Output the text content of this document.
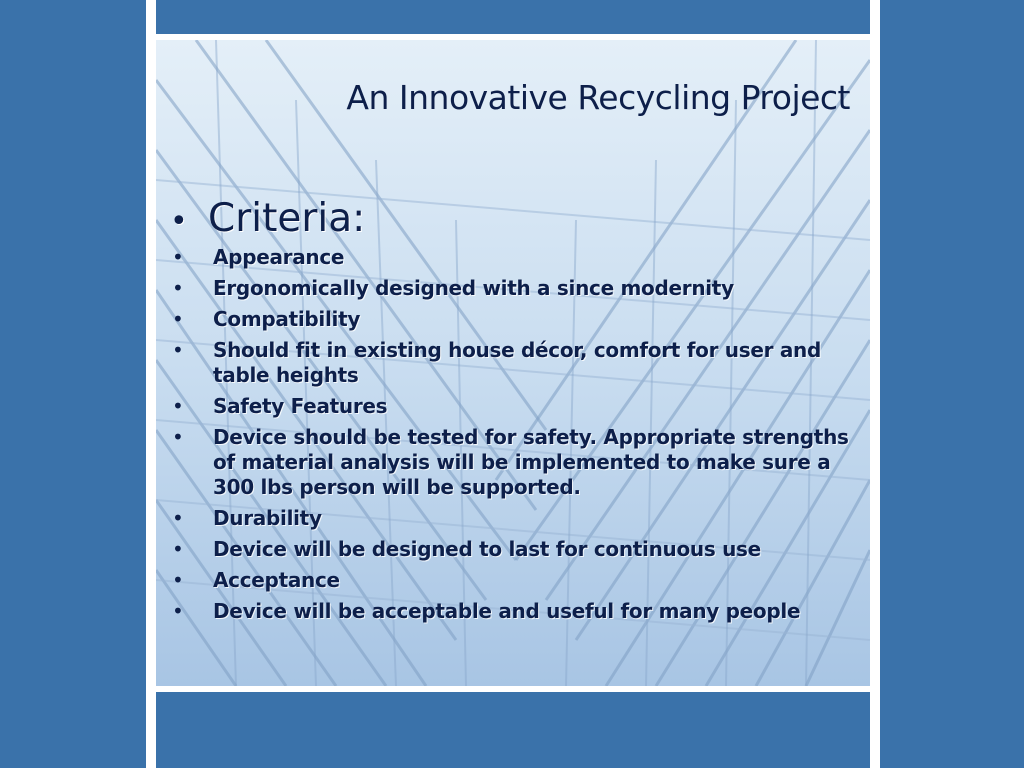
An Innovative Recycling Project
• Criteria:
•	Appearance
•	Ergonomically designed with a since modernity
•	Compatibility
•	Should fit in existing house décor, comfort for user and table heights
•	Safety Features
•	Device should be tested for safety. Appropriate strengths of material analysis will be implemented to make sure a 300 lbs person will be supported.
•	Durability
•	Device will be designed to last for continuous use
•	Acceptance
•	Device will be acceptable and useful for many people
